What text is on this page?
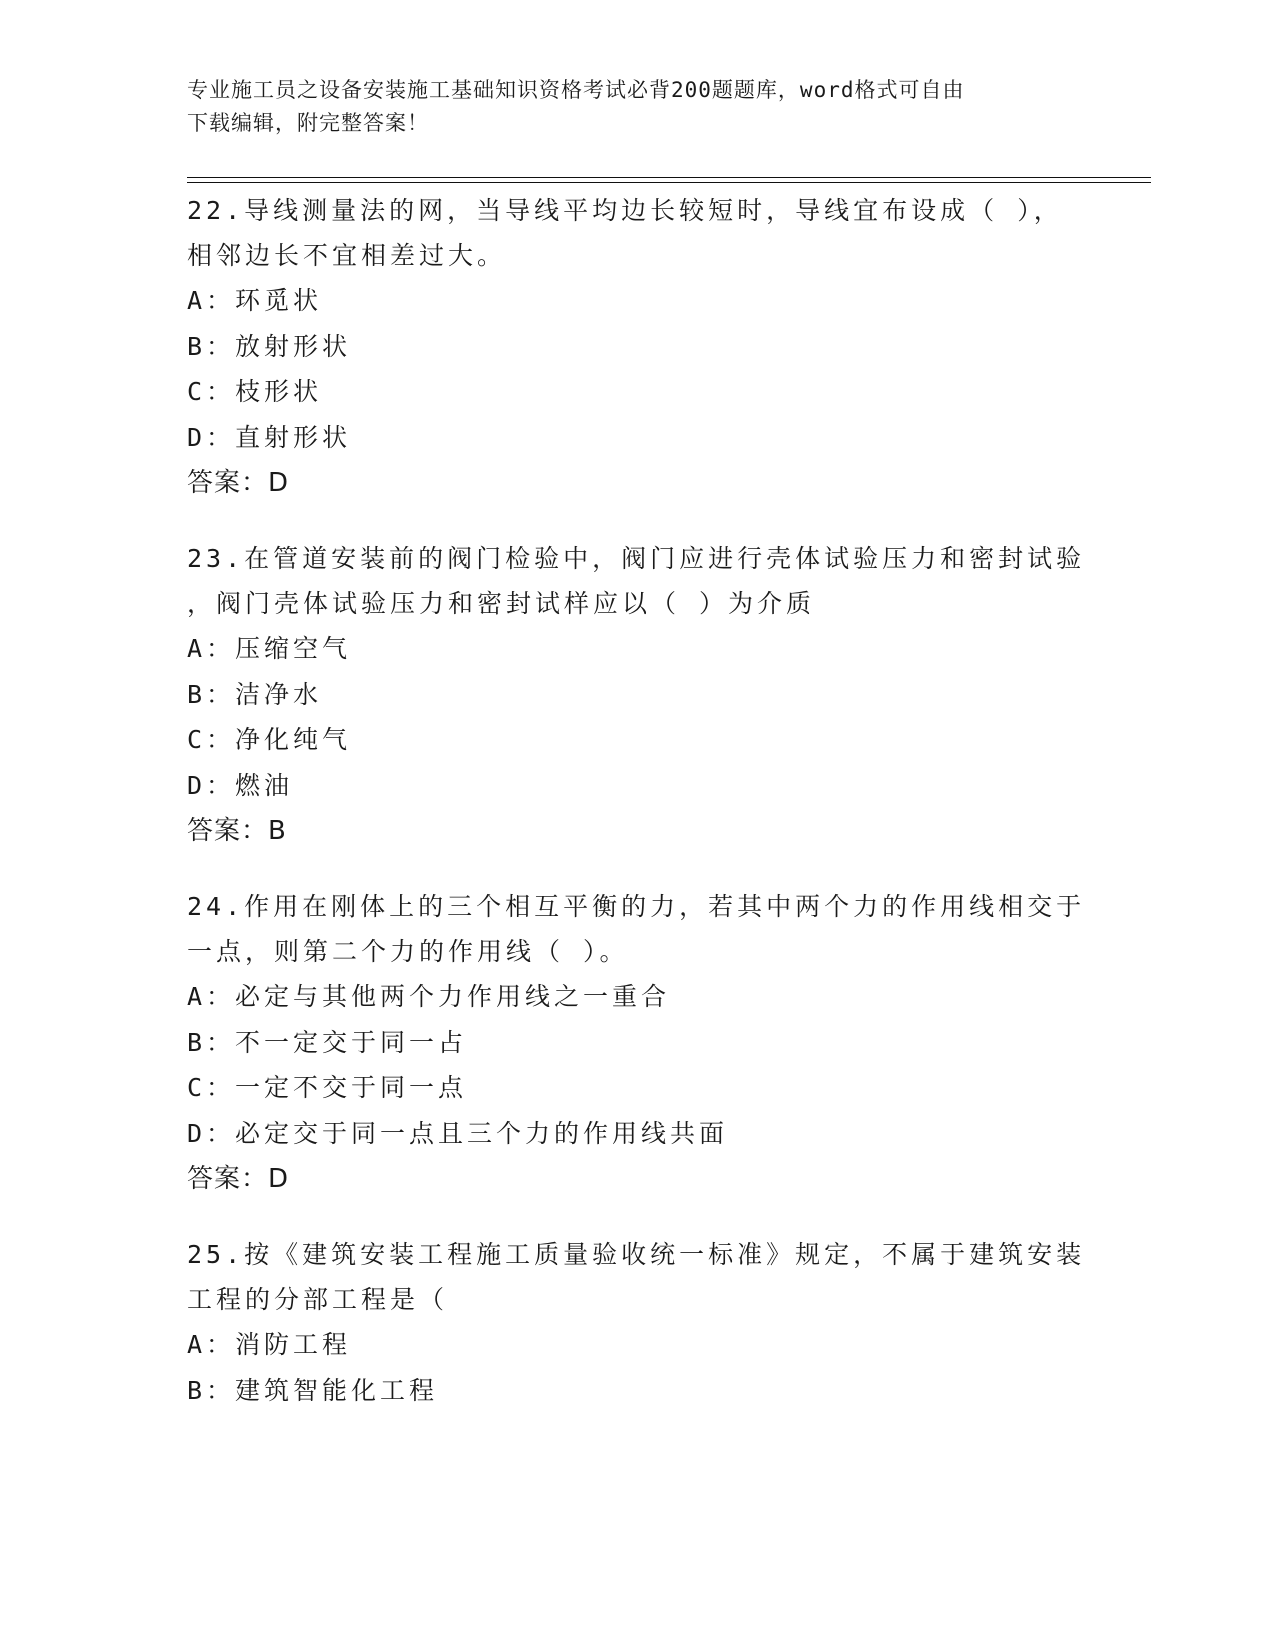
专业施工员之设备安装施工基础知识资格考试必背200题题库，word格式可自由
下载编辑，附完整答案！
22.导线测量法的网，当导线平均边长较短时，导线宜布设成（ ），
相邻边长不宜相差过大。
A：环觅状
B：放射形状
C：枝形状
D：直射形状
答案：D
23.在管道安装前的阀门检验中，阀门应进行壳体试验压力和密封试验
，阀门壳体试验压力和密封试样应以（ ）为介质
A：压缩空气
B：洁净水
C：净化纯气
D：燃油
答案：B
24.作用在刚体上的三个相互平衡的力，若其中两个力的作用线相交于
一点，则第二个力的作用线（ ）。
A：必定与其他两个力作用线之一重合
B：不一定交于同一占
C：一定不交于同一点
D：必定交于同一点且三个力的作用线共面
答案：D
25.按《建筑安装工程施工质量验收统一标准》规定，不属于建筑安装
工程的分部工程是（
A：消防工程
B：建筑智能化工程
